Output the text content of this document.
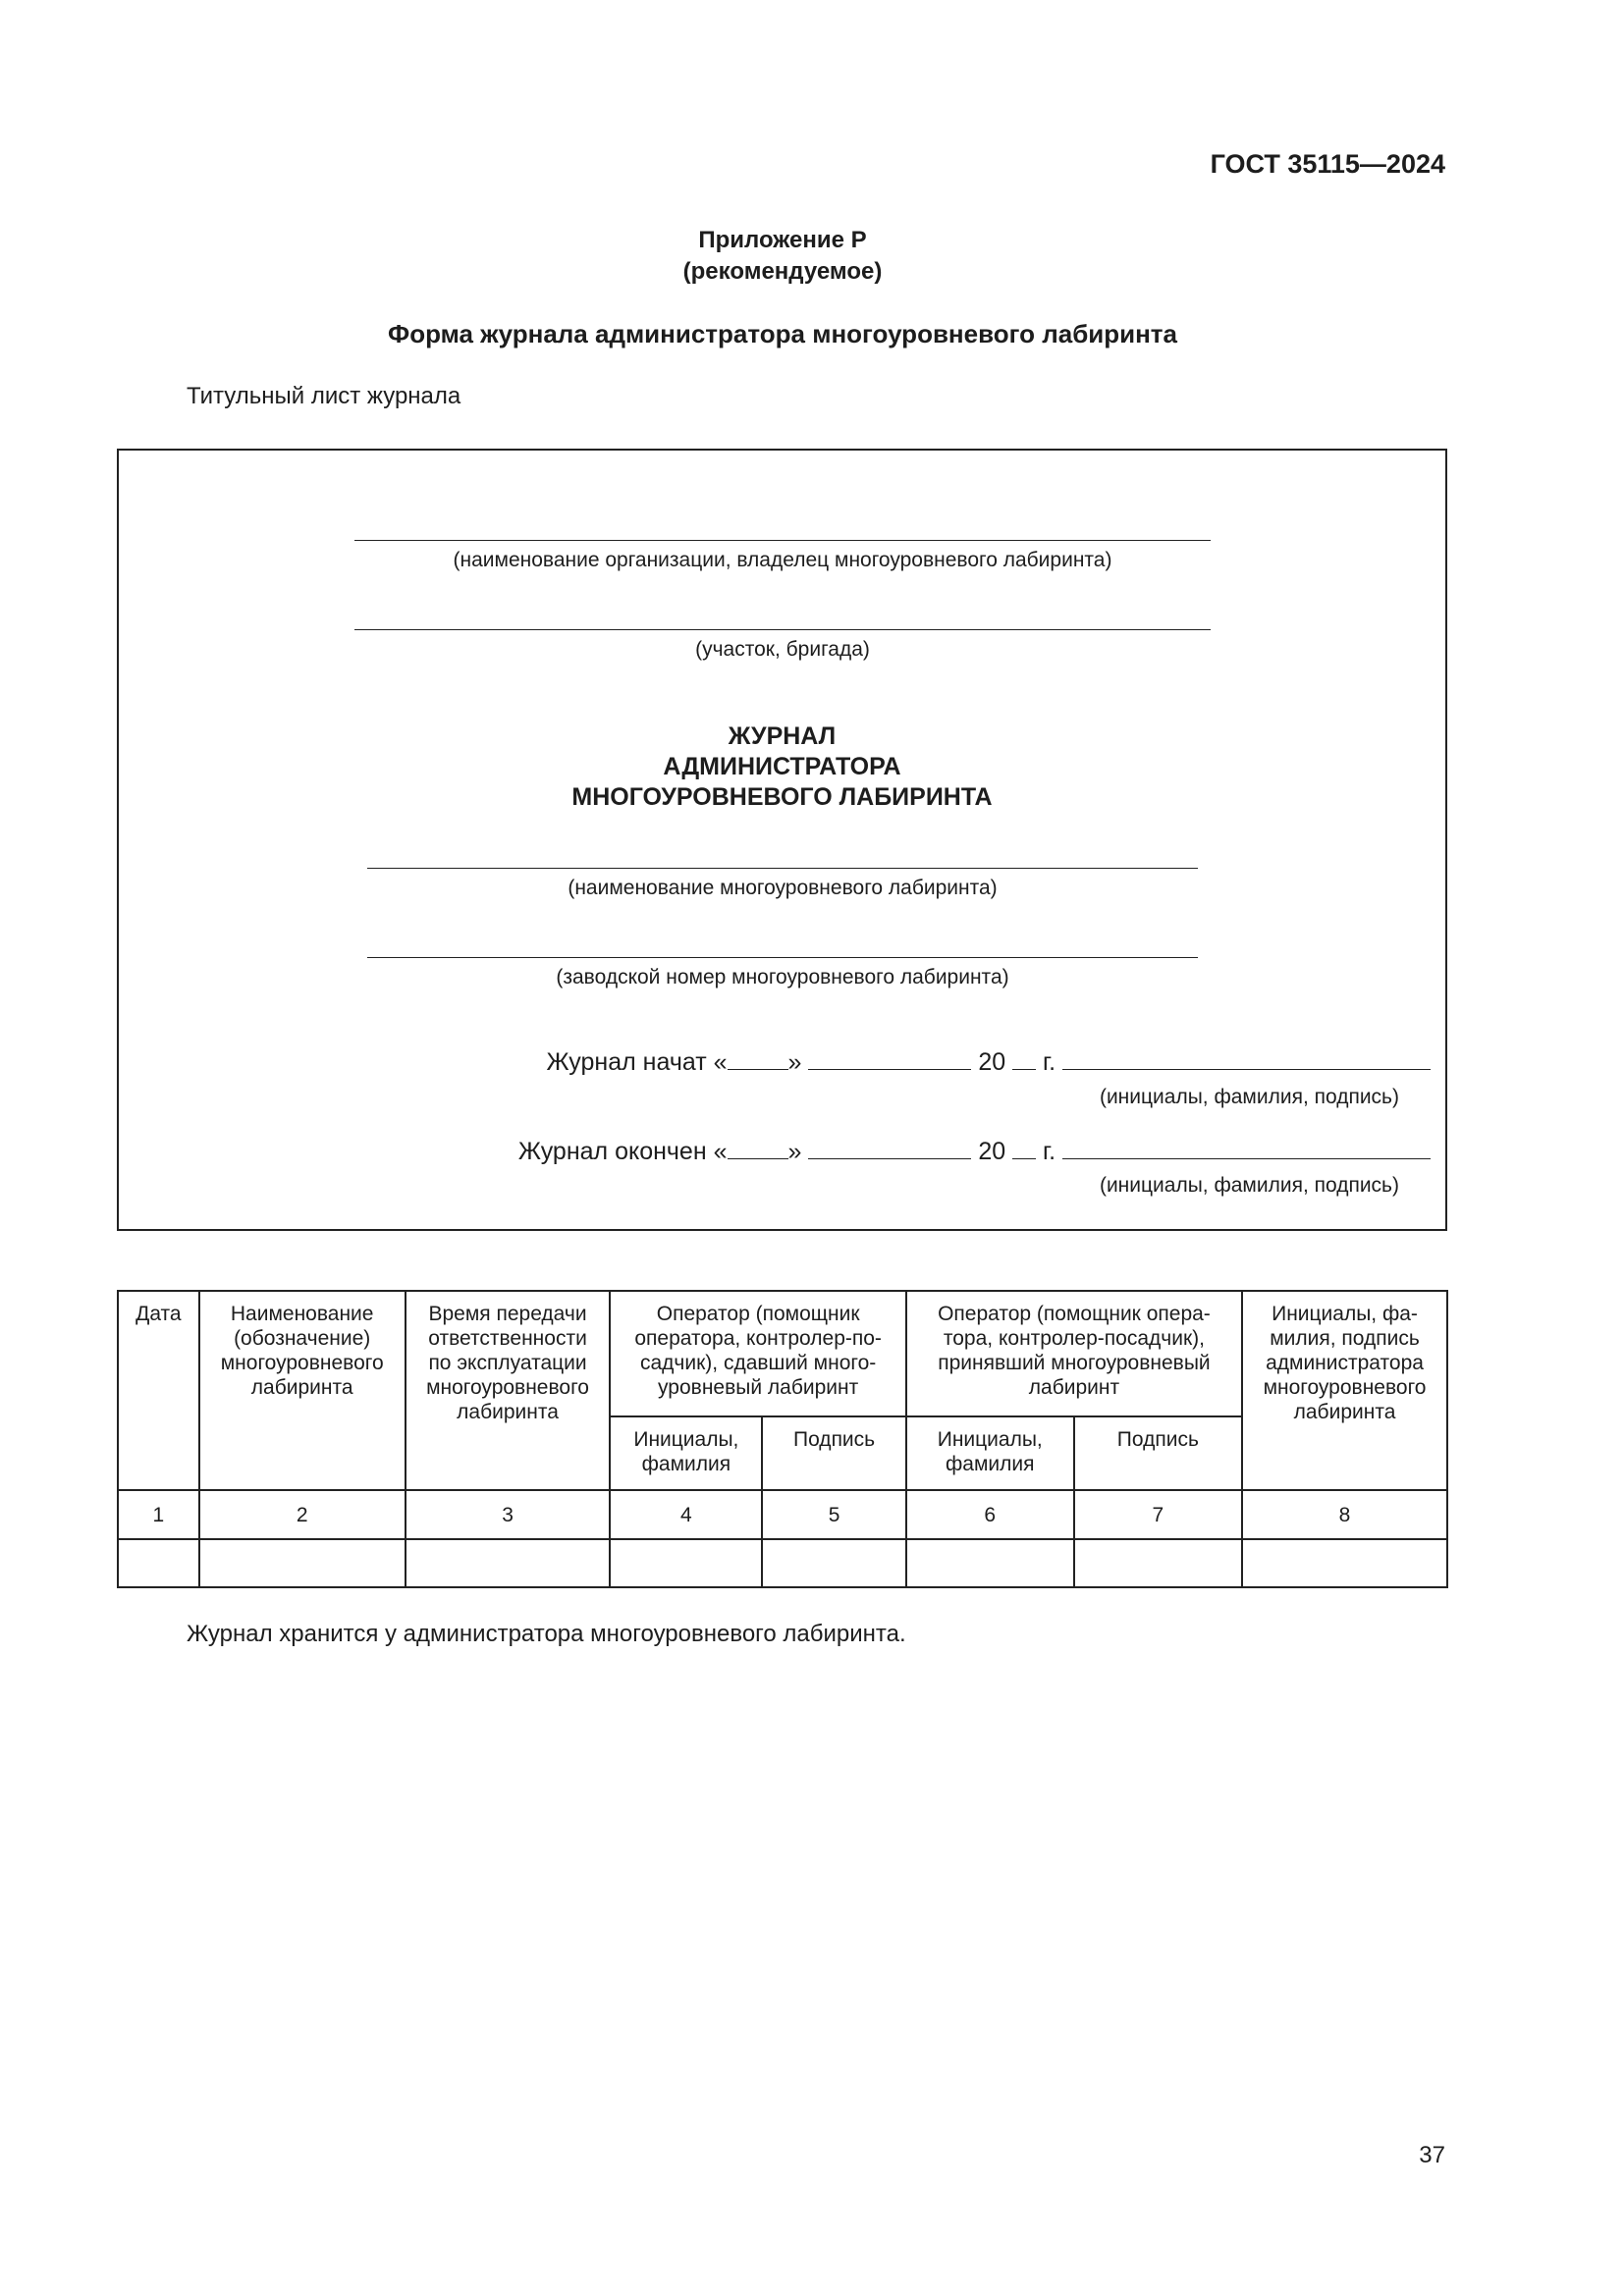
ГОСТ 35115—2024
Приложение Р
(рекомендуемое)
Форма журнала администратора многоуровневого лабиринта
Титульный лист журнала
(наименование организации, владелец многоуровневого лабиринта)
(участок, бригада)
ЖУРНАЛ
АДМИНИСТРАТОРА
МНОГОУРОВНЕВОГО ЛАБИРИНТА
(наименование многоуровневого лабиринта)
(заводской номер многоуровневого лабиринта)
Журнал начат « »	20 г.
(инициалы, фамилия, подпись)
Журнал окончен « »	20 г.
(инициалы, фамилия, подпись)
Дата	Наименование (обозначение) многоуровневого лабиринта	Время передачи ответственности по эксплуатации многоуровневого лабиринта	Оператор (помощник оператора, контролер-по-садчик), сдавший много-уровневый лабиринт		Оператор (помощник опера-тора, контролер-посадчик), принявший многоуровневый лабиринт		Инициалы, фа-милия, подпись администратора многоуровневого лабиринта
			Инициалы, фамилия	Подпись	Инициалы, фамилия	Подпись	
1	2	3	4	5	6	7	8

Журнал хранится у администратора многоуровневого лабиринта.
37
